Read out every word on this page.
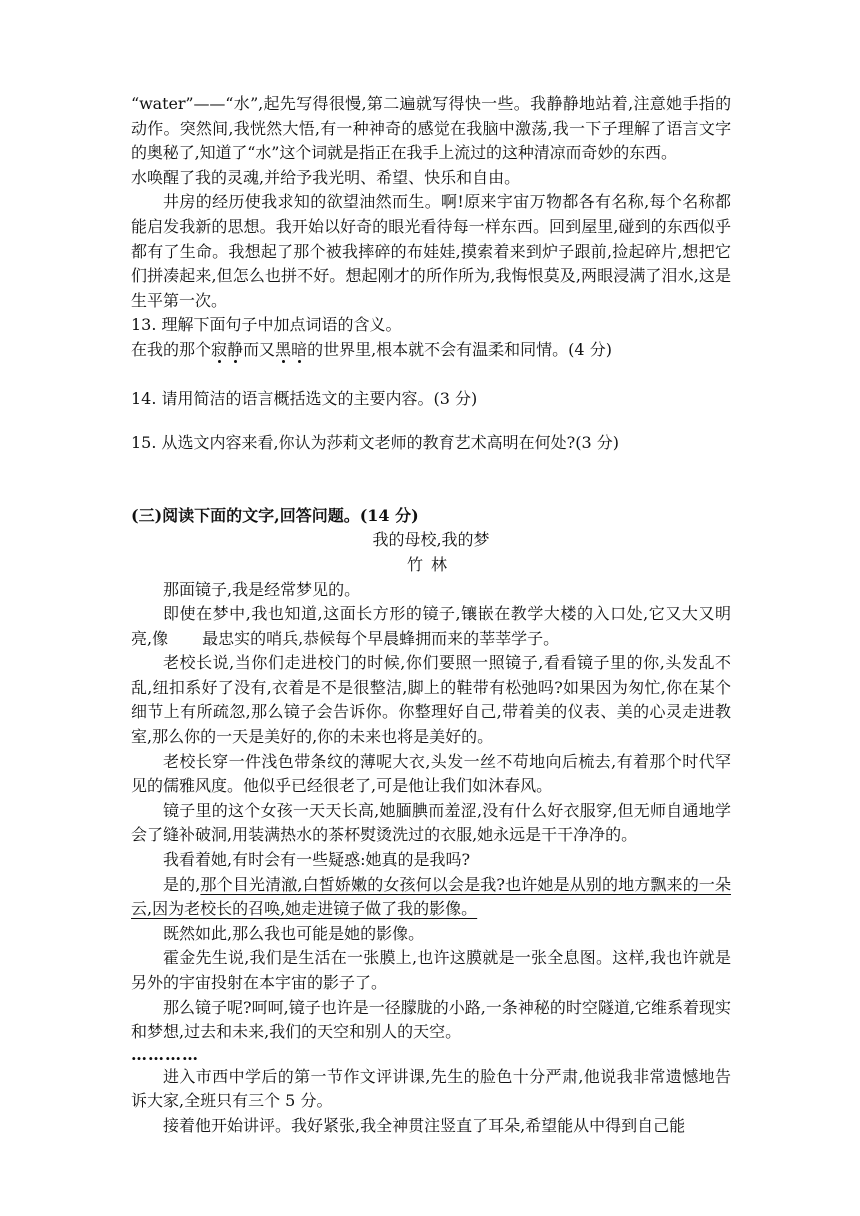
“water”——“水”,起先写得很慢,第二遍就写得快一些。我静静地站着,注意她手指的动作。突然间,我恍然大悟,有一种神奇的感觉在我脑中激荡,我一下子理解了语言文字的奥秘了,知道了“水”这个词就是指正在我手上流过的这种清凉而奇妙的东西。

水唤醒了我的灵魂,并给予我光明、希望、快乐和自由。

井房的经历使我求知的欲望油然而生。啊!原来宇宙万物都各有名称,每个名称都能启发我新的思想。我开始以好奇的眼光看待每一样东西。回到屋里,碰到的东西似乎都有了生命。我想起了那个被我摔碎的布娃娃,摸索着来到炉子跟前,捡起碎片,想把它们拼凑起来,但怎么也拼不好。想起刚才的所作所为,我悔恨莫及,两眼浸满了泪水,这是生平第一次。

13. 理解下面句子中加点词语的含义。

在我的那个寂静而又黑暗的世界里,根本就不会有温柔和同情。(4 分)

14. 请用简洁的语言概括选文的主要内容。(3 分)

15. 从选文内容来看,你认为莎莉文老师的教育艺术高明在何处?(3 分)

(三)阅读下面的文字,回答问题。(14 分)

我的母校,我的梦

竹林

那面镜子,我是经常梦见的。

即使在梦中,我也知道,这面长方形的镜子,镶嵌在教学大楼的入口处,它又大又明亮,像 最忠实的哨兵,恭候每个早晨蜂拥而来的莘莘学子。

老校长说,当你们走进校门的时候,你们要照一照镜子,看看镜子里的你,头发乱不乱,纽扣系好了没有,衣着是不是很整洁,脚上的鞋带有松弛吗?如果因为匆忙,你在某个细节上有所疏忽,那么镜子会告诉你。你整理好自己,带着美的仪表、美的心灵走进教室,那么你的一天是美好的,你的未来也将是美好的。

老校长穿一件浅色带条纹的薄呢大衣,头发一丝不苟地向后梳去,有着那个时代罕见的儒雅风度。他似乎已经很老了,可是他让我们如沐春风。

镜子里的这个女孩一天天长高,她腼腆而羞涩,没有什么好衣服穿,但无师自通地学会了缝补破洞,用装满热水的茶杯熨烫洗过的衣服,她永远是干干净净的。

我看着她,有时会有一些疑惑:她真的是我吗?

是的,那个目光清澈,白皙娇嫩的女孩何以会是我?也许她是从别的地方飘来的一朵云,因为老校长的召唤,她走进镜子做了我的影像。

既然如此,那么我也可能是她的影像。

霍金先生说,我们是生活在一张膜上,也许这膜就是一张全息图。这样,我也许就是另外的宇宙投射在本宇宙的影子了。

那么镜子呢?呵呵,镜子也许是一径朦胧的小路,一条神秘的时空隧道,它维系着现实和梦想,过去和未来,我们的天空和别人的天空。

…………

进入市西中学后的第一节作文评讲课,先生的脸色十分严肃,他说我非常遗憾地告诉大家,全班只有三个 5 分。

接着他开始讲评。我好紧张,我全神贯注竖直了耳朵,希望能从中得到自己能
